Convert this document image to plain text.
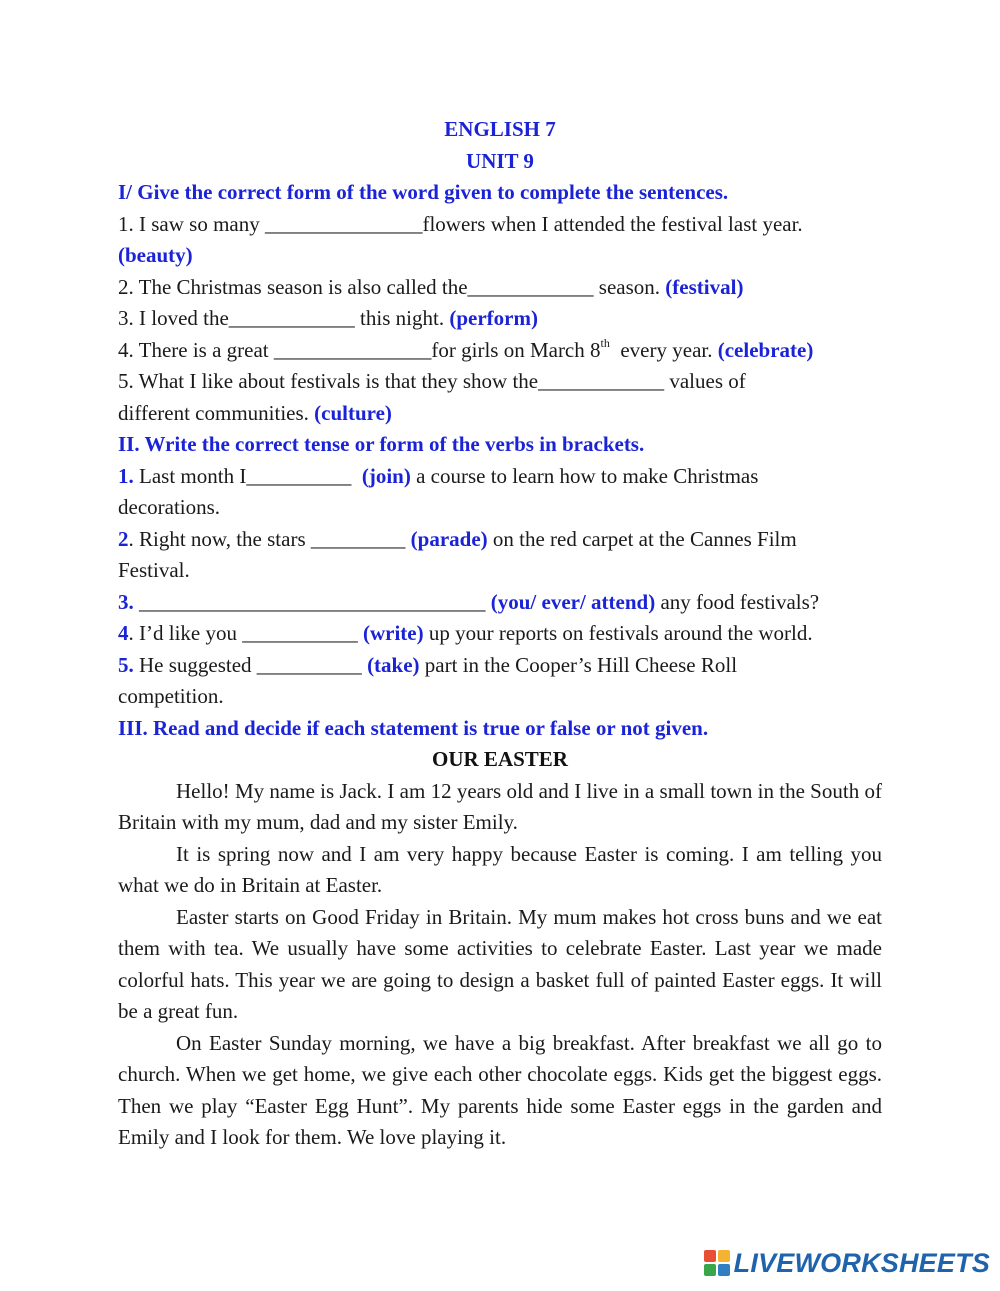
ENGLISH 7
UNIT 9
I/ Give the correct form of the word given to complete the sentences.
1. I saw so many _______________flowers when I attended the festival last year.
(beauty)
2. The Christmas season is also called the____________ season. (festival)
3. I loved the____________ this night. (perform)
4. There is a great _______________for girls on March 8th  every year. (celebrate)
5. What I like about festivals is that they show the____________ values of
different communities. (culture)
II. Write the correct tense or form of the verbs in brackets.
1. Last month I__________  (join) a course to learn how to make Christmas
decorations.
2. Right now, the stars _________ (parade) on the red carpet at the Cannes Film
Festival.
3. _________________________________ (you/ ever/ attend) any food festivals?
4. I’d like you ___________ (write) up your reports on festivals around the world.
5. He suggested __________ (take) part in the Cooper’s Hill Cheese Roll
competition.
III. Read and decide if each statement is true or false or not given.
OUR EASTER
Hello! My name is Jack. I am 12 years old and I live in a small town in the South of Britain with my mum, dad and my sister Emily.
It is spring now and I am very happy because Easter is coming. I am telling you what we do in Britain at Easter.
Easter starts on Good Friday in Britain. My mum makes hot cross buns and we eat them with tea. We usually have some activities to celebrate Easter. Last year we made colorful hats. This year we are going to design a basket full of painted Easter eggs. It will be a great fun.
On Easter Sunday morning, we have a big breakfast. After breakfast we all go to church. When we get home, we give each other chocolate eggs. Kids get the biggest eggs. Then we play “Easter Egg Hunt”. My parents hide some Easter eggs in the garden and Emily and I look for them. We love playing it.
LIVEWORKSHEETS
